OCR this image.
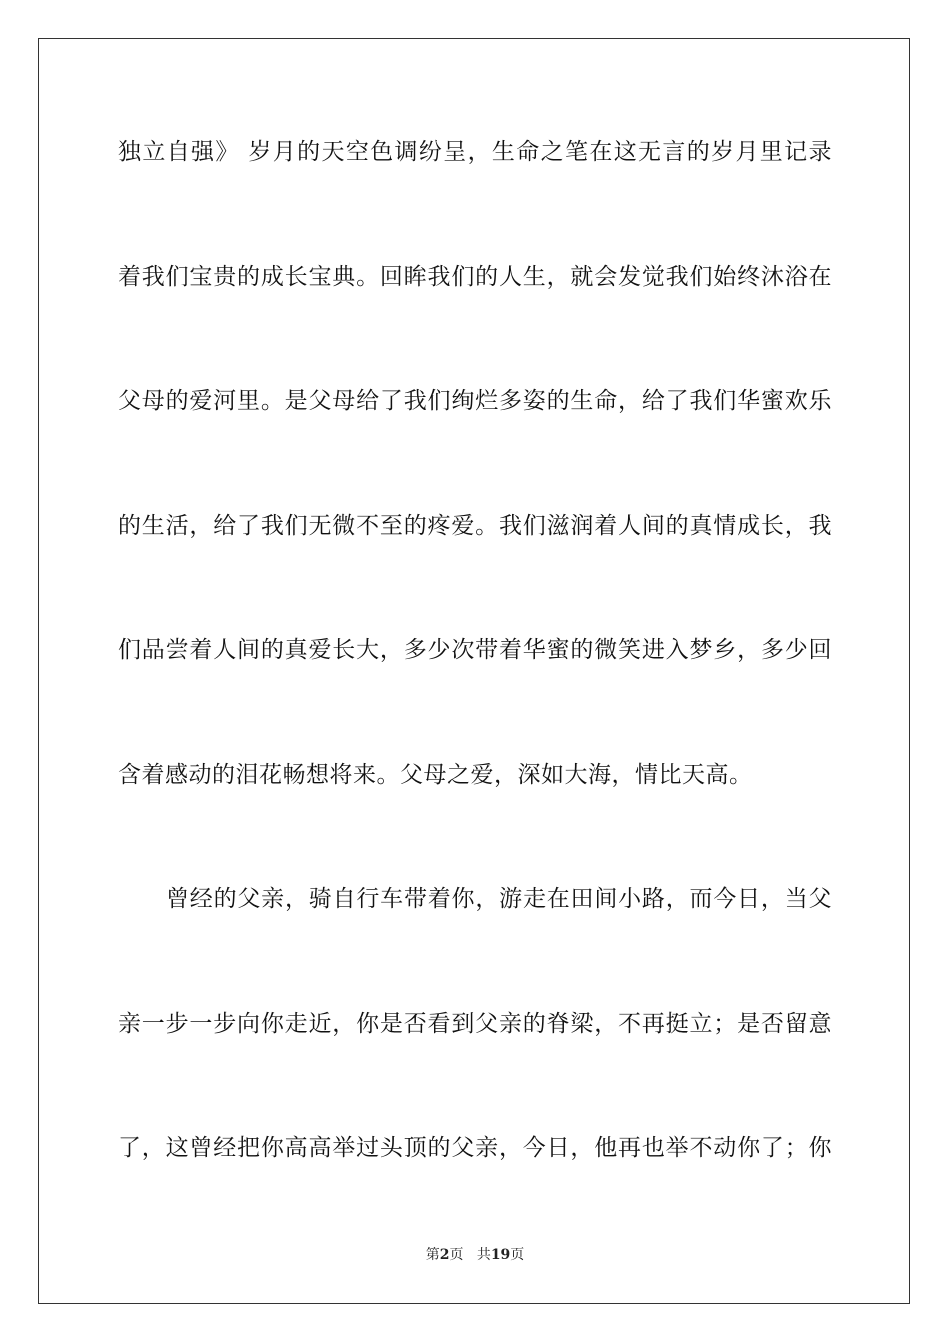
独立自强》 岁月的天空色调纷呈，生命之笔在这无言的岁月里记录
着我们宝贵的成长宝典。回眸我们的人生，就会发觉我们始终沐浴在
父母的爱河里。是父母给了我们绚烂多姿的生命，给了我们华蜜欢乐
的生活，给了我们无微不至的疼爱。我们滋润着人间的真情成长，我
们品尝着人间的真爱长大，多少次带着华蜜的微笑进入梦乡，多少回
含着感动的泪花畅想将来。父母之爱，深如大海，情比天高。
曾经的父亲，骑自行车带着你，游走在田间小路，而今日，当父
亲一步一步向你走近，你是否看到父亲的脊梁，不再挺立；是否留意
了，这曾经把你高高举过头顶的父亲，今日，他再也举不动你了；你
第2页 共19页
